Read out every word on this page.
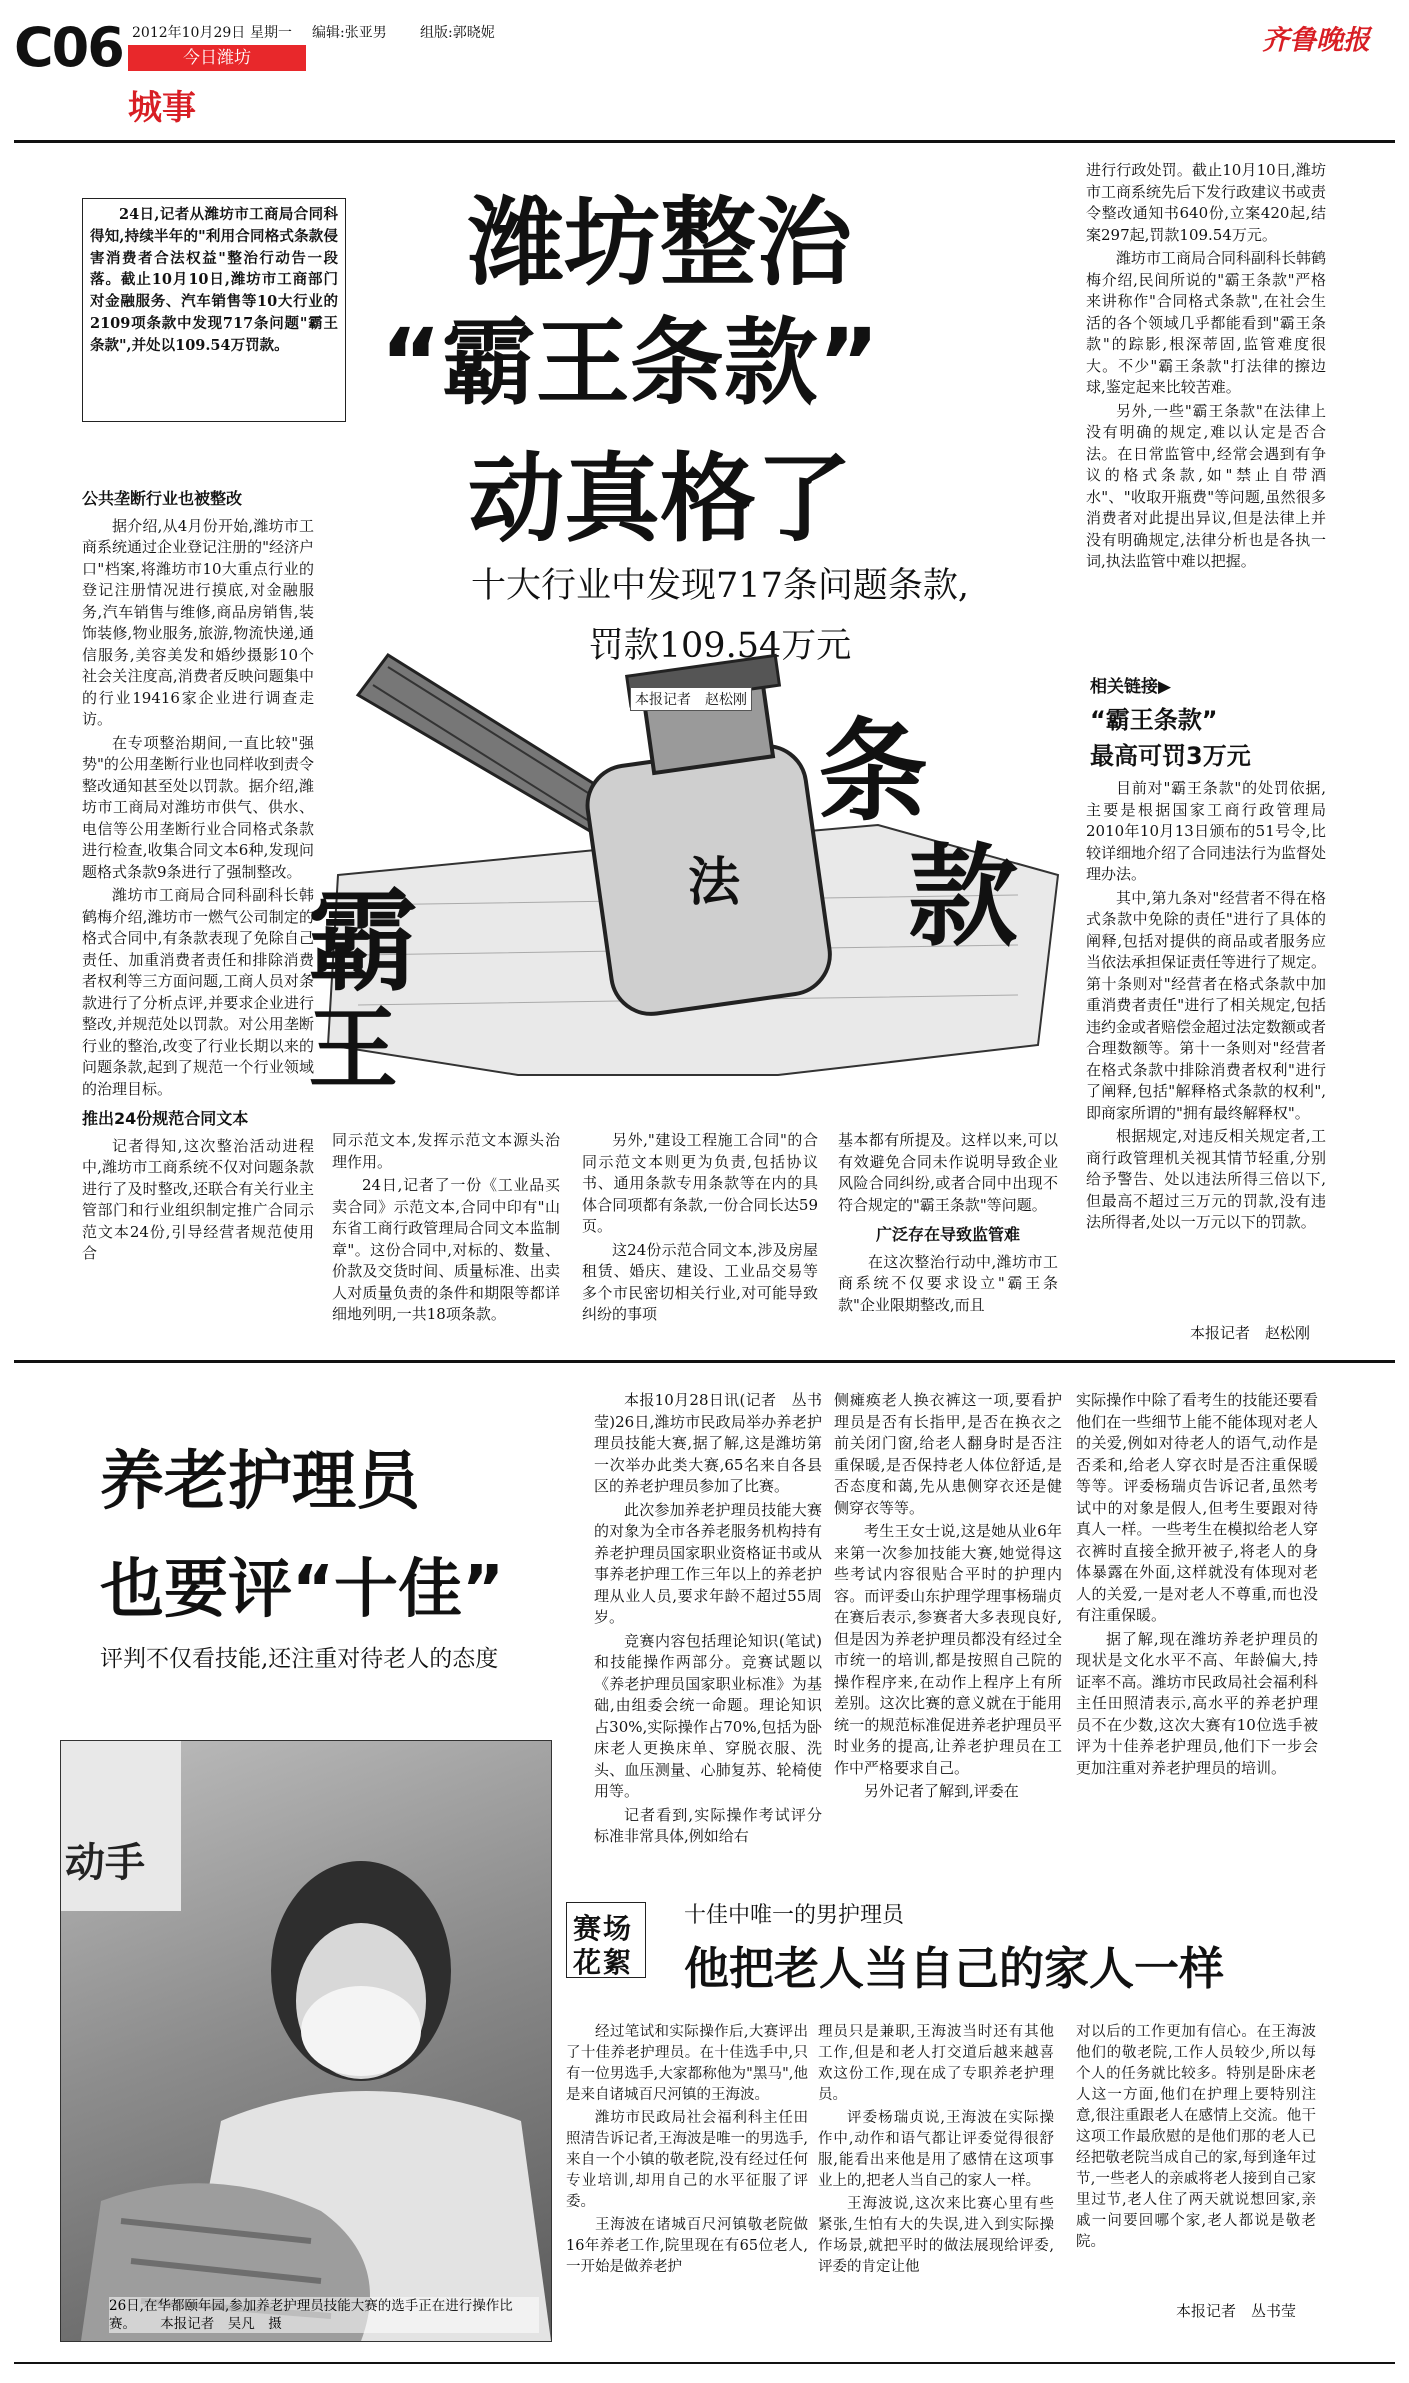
C06 2012年10月29日 星期一 编辑:张亚男 组版:郭晓妮
今日潍坊
城事
齐鲁晚报
24日,记者从潍坊市工商局合同科得知,持续半年的"利用合同格式条款侵害消费者合法权益"整治行动告一段落。截止10月10日,潍坊市工商部门对金融服务、汽车销售等10大行业的2109项条款中发现717条问题"霸王条款",并处以109.54万罚款。
潍坊整治
“霸王条款”
动真格了
十大行业中发现717条问题条款,
罚款109.54万元
法
霸
王
条
款
本报记者　赵松刚
公共垄断行业也被整改

据介绍,从4月份开始,潍坊市工商系统通过企业登记注册的"经济户口"档案,将潍坊市10大重点行业的登记注册情况进行摸底,对金融服务,汽车销售与维修,商品房销售,装饰装修,物业服务,旅游,物流快递,通信服务,美容美发和婚纱摄影10个社会关注度高,消费者反映问题集中的行业19416家企业进行调查走访。

在专项整治期间,一直比较"强势"的公用垄断行业也同样收到责令整改通知甚至处以罚款。据介绍,潍坊市工商局对潍坊市供气、供水、电信等公用垄断行业合同格式条款进行检查,收集合同文本6种,发现问题格式条款9条进行了强制整改。

潍坊市工商局合同科副科长韩鹤梅介绍,潍坊市一燃气公司制定的格式合同中,有条款表现了免除自己责任、加重消费者责任和排除消费者权利等三方面问题,工商人员对条款进行了分析点评,并要求企业进行整改,并规范处以罚款。对公用垄断行业的整治,改变了行业长期以来的问题条款,起到了规范一个行业领域的治理目标。

推出24份规范合同文本

记者得知,这次整治活动进程中,潍坊市工商系统不仅对问题条款进行了及时整改,还联合有关行业主管部门和行业组织制定推广合同示范文本24份,引导经营者规范使用合

同示范文本,发挥示范文本源头治理作用。

24日,记者了一份《工业品买卖合同》示范文本,合同中印有"山东省工商行政管理局合同文本监制章"。这份合同中,对标的、数量、价款及交货时间、质量标准、出卖人对质量负责的条件和期限等都详细地列明,一共18项条款。

另外,"建设工程施工合同"的合同示范文本则更为负责,包括协议书、通用条款专用条款等在内的具体合同项都有条款,一份合同长达59页。

这24份示范合同文本,涉及房屋租赁、婚庆、建设、工业品交易等多个市民密切相关行业,对可能导致纠纷的事项

基本都有所提及。这样以来,可以有效避免合同未作说明导致企业风险合同纠纷,或者合同中出现不符合规定的"霸王条款"等问题。

广泛存在导致监管难

在这次整治行动中,潍坊市工商系统不仅要求设立"霸王条款"企业限期整改,而且

进行行政处罚。截止10月10日,潍坊市工商系统先后下发行政建议书或责令整改通知书640份,立案420起,结案297起,罚款109.54万元。

潍坊市工商局合同科副科长韩鹤梅介绍,民间所说的"霸王条款"严格来讲称作"合同格式条款",在社会生活的各个领域几乎都能看到"霸王条款"的踪影,根深蒂固,监管难度很大。不少"霸王条款"打法律的擦边球,鉴定起来比较苦难。

另外,一些"霸王条款"在法律上没有明确的规定,难以认定是否合法。在日常监管中,经常会遇到有争议的格式条款,如"禁止自带酒水"、"收取开瓶费"等问题,虽然很多消费者对此提出异议,但是法律上并没有明确规定,法律分析也是各执一词,执法监管中难以把握。

相关链接▶
“霸王条款”
最高可罚3万元

目前对"霸王条款"的处罚依据,主要是根据国家工商行政管理局2010年10月13日颁布的51号令,比较详细地介绍了合同违法行为监督处理办法。

其中,第九条对"经营者不得在格式条款中免除的责任"进行了具体的阐释,包括对提供的商品或者服务应当依法承担保证责任等进行了规定。第十条则对"经营者在格式条款中加重消费者责任"进行了相关规定,包括违约金或者赔偿金超过法定数额或者合理数额等。第十一条则对"经营者在格式条款中排除消费者权利"进行了阐释,包括"解释格式条款的权利",即商家所谓的"拥有最终解释权"。

根据规定,对违反相关规定者,工商行政管理机关视其情节轻重,分别给予警告、处以违法所得三倍以下,但最高不超过三万元的罚款,没有违法所得者,处以一万元以下的罚款。

本报记者　赵松刚
养老护理员
也要评“十佳”
评判不仅看技能,还注重对待老人的态度

本报10月28日讯(记者　丛书莹)26日,潍坊市民政局举办养老护理员技能大赛,据了解,这是潍坊第一次举办此类大赛,65名来自各县区的养老护理员参加了比赛。

此次参加养老护理员技能大赛的对象为全市各养老服务机构持有养老护理员国家职业资格证书或从事养老护理工作三年以上的养老护理从业人员,要求年龄不超过55周岁。

竞赛内容包括理论知识(笔试)和技能操作两部分。竞赛试题以《养老护理员国家职业标准》为基础,由组委会统一命题。理论知识占30%,实际操作占70%,包括为卧床老人更换床单、穿脱衣服、洗头、血压测量、心肺复苏、轮椅使用等。

记者看到,实际操作考试评分标准非常具体,例如给右

侧瘫痪老人换衣裤这一项,要看护理员是否有长指甲,是否在换衣之前关闭门窗,给老人翻身时是否注重保暖,是否保持老人体位舒适,是否态度和蔼,先从患侧穿衣还是健侧穿衣等等。

考生王女士说,这是她从业6年来第一次参加技能大赛,她觉得这些考试内容很贴合平时的护理内容。而评委山东护理学理事杨瑞贞在赛后表示,参赛者大多表现良好,但是因为养老护理员都没有经过全市统一的培训,都是按照自己院的操作程序来,在动作上程序上有所差别。这次比赛的意义就在于能用统一的规范标准促进养老护理员平时业务的提高,让养老护理员在工作中严格要求自己。

另外记者了解到,评委在

实际操作中除了看考生的技能还要看他们在一些细节上能不能体现对老人的关爱,例如对待老人的语气,动作是否柔和,给老人穿衣时是否注重保暖等等。评委杨瑞贞告诉记者,虽然考试中的对象是假人,但考生要跟对待真人一样。一些考生在模拟给老人穿衣裤时直接全掀开被子,将老人的身体暴露在外面,这样就没有体现对老人的关爱,一是对老人不尊重,而也没有注重保暖。

据了解,现在潍坊养老护理员的现状是文化水平不高、年龄偏大,持证率不高。潍坊市民政局社会福利科主任田照清表示,高水平的养老护理员不在少数,这次大赛有10位选手被评为十佳养老护理员,他们下一步会更加注重对养老护理员的培训。

动手
26日,在华都颐年园,参加养老护理员技能大赛的选手正在进行操作比赛。 本报记者　吴凡　摄
赛场
花絮
十佳中唯一的男护理员
他把老人当自己的家人一样

经过笔试和实际操作后,大赛评出了十佳养老护理员。在十佳选手中,只有一位男选手,大家都称他为"黑马",他是来自诸城百尺河镇的王海波。

潍坊市民政局社会福利科主任田照清告诉记者,王海波是唯一的男选手,来自一个小镇的敬老院,没有经过任何专业培训,却用自己的水平征服了评委。

王海波在诸城百尺河镇敬老院做16年养老工作,院里现在有65位老人,一开始是做养老护

理员只是兼职,王海波当时还有其他工作,但是和老人打交道后越来越喜欢这份工作,现在成了专职养老护理员。

评委杨瑞贞说,王海波在实际操作中,动作和语气都让评委觉得很舒服,能看出来他是用了感情在这项事业上的,把老人当自己的家人一样。

王海波说,这次来比赛心里有些紧张,生怕有大的失误,进入到实际操作场景,就把平时的做法展现给评委,评委的肯定让他

对以后的工作更加有信心。在王海波他们的敬老院,工作人员较少,所以每个人的任务就比较多。特别是卧床老人这一方面,他们在护理上要特别注意,很注重跟老人在感情上交流。他干这项工作最欣慰的是他们那的老人已经把敬老院当成自己的家,每到逢年过节,一些老人的亲戚将老人接到自己家里过节,老人住了两天就说想回家,亲戚一问要回哪个家,老人都说是敬老院。

本报记者　丛书莹
